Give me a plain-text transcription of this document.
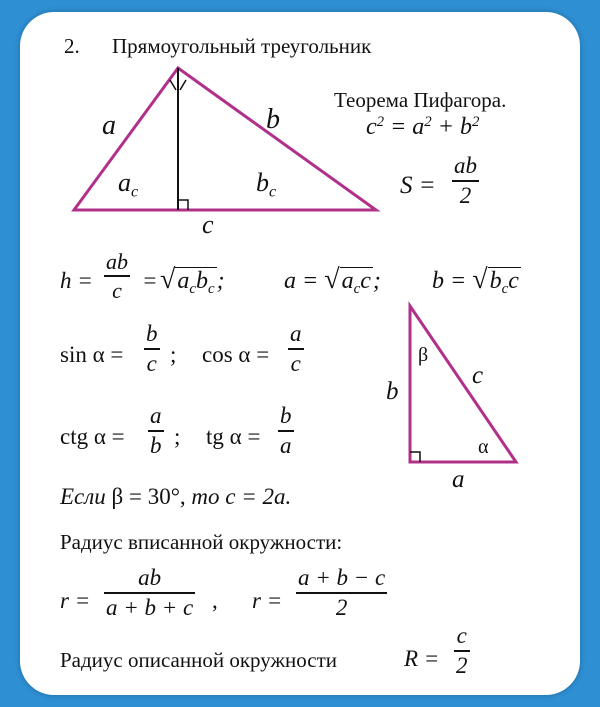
2. Прямоугольный треугольник
a	b
$a_c$	$b_c$
c
Теорема Пифагора.
$c^2 = a^2 + b^2$
S =
ab
2
h =
ab
$c = √a_cb_c$; $a = √a_cc$; $b = √b_cc$
sin α =
b
c ; cos α =
a
c
ctg α =
a
b ; tg α =
b
a
β
b
c
α
a
Если β = 30°, то c = 2a.
Радиус вписанной окружности:
r =
ab
a + b + c , r =
a + b − c
2
Радиус описанной окружности	R =
c
2
